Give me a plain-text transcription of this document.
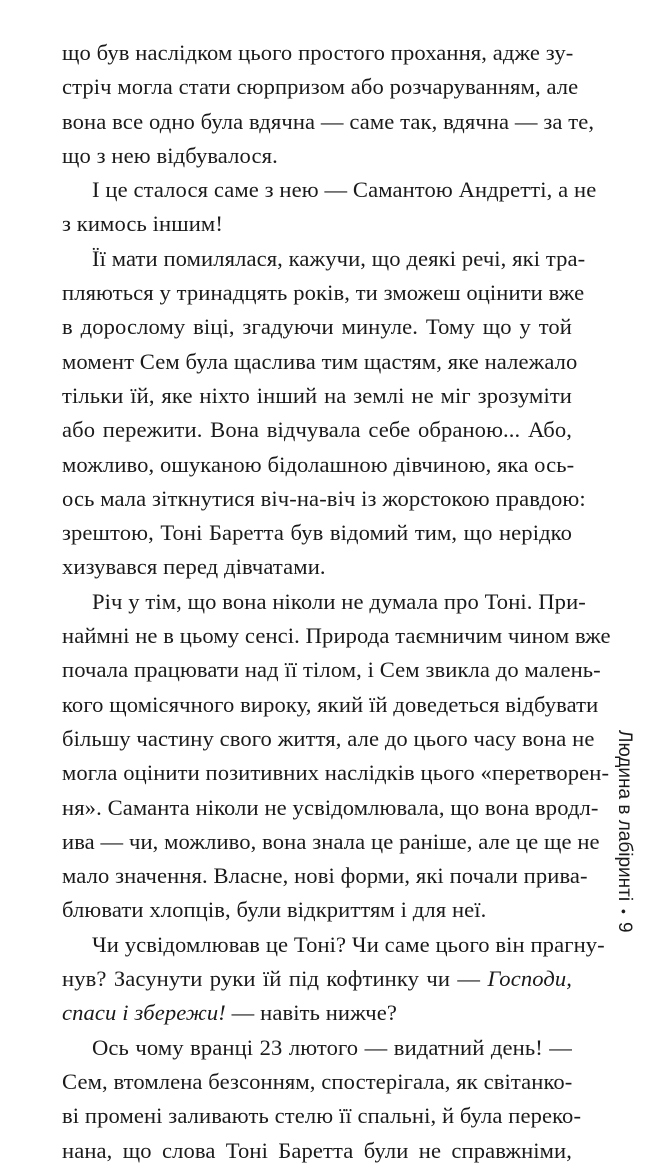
що був наслідком цього простого прохання, адже зу-
стріч могла стати сюрпризом або розчаруванням, але
вона все одно була вдячна — саме так, вдячна — за те,
що з нею відбувалося.
І це сталося саме з нею — Самантою Андретті, а не
з кимось іншим!
Її мати помилялася, кажучи, що деякі речі, які тра-
пляються у тринадцять років, ти зможеш оцінити вже
в дорослому віці, згадуючи минуле. Тому що у той
момент Сем була щаслива тим щастям, яке належало
тільки їй, яке ніхто інший на землі не міг зрозуміти
або пережити. Вона відчувала себе обраною... Або,
можливо, ошуканою бідолашною дівчиною, яка ось-
ось мала зіткнутися віч-на-віч із жорстокою правдою:
зрештою, Тоні Баретта був відомий тим, що нерідко
хизувався перед дівчатами.
Річ у тім, що вона ніколи не думала про Тоні. При-
наймні не в цьому сенсі. Природа таємничим чином вже
почала працювати над її тілом, і Сем звикла до малень-
кого щомісячного вироку, який їй доведеться відбувати
більшу частину свого життя, але до цього часу вона не
могла оцінити позитивних наслідків цього «перетворен-
ня». Саманта ніколи не усвідомлювала, що вона вродл-
ива — чи, можливо, вона знала це раніше, але це ще не
мало значення. Власне, нові форми, які почали прива-
блювати хлопців, були відкриттям і для неї.
Чи усвідомлював це Тоні? Чи саме цього він прагну-
нув? Засунути руки їй під кофтинку чи — Господи,
спаси і збережи! — навіть нижче?
Ось чому вранці 23 лютого — видатний день! —
Сем, втомлена безсонням, спостерігала, як світанко-
ві промені заливають стелю її спальні, й була переко-
нана, що слова Тоні Баретта були не справжніми,
Людина в лабіринті
•
9
